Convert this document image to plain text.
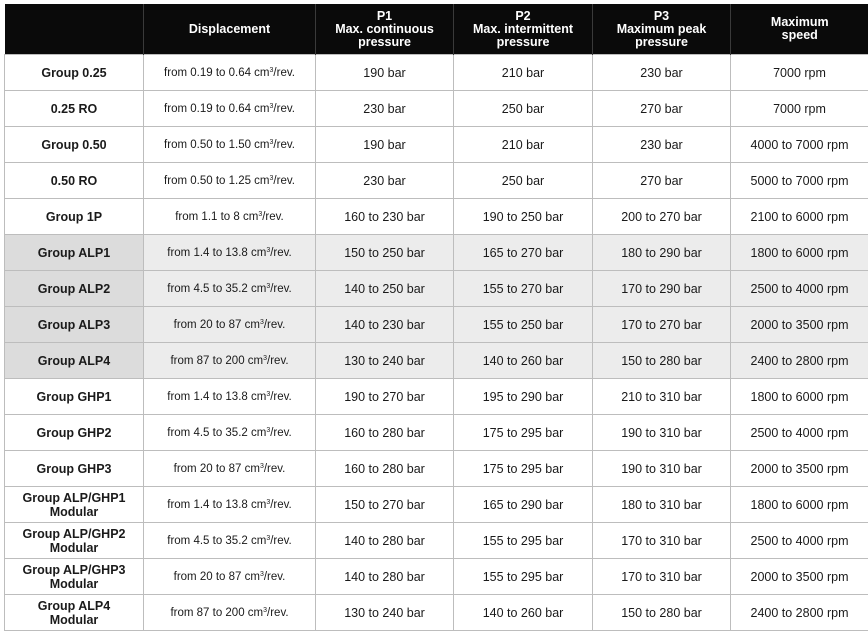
	Displacement	P1
Max. continuous
pressure	P2
Max. intermittent
pressure	P3
Maximum peak
pressure	Maximum
speed
Group 0.25	from 0.19 to 0.64 $cm^3$/rev.	190 bar	210 bar	230 bar	7000 rpm
0.25 RO	from 0.19 to 0.64 $cm^3$/rev.	230 bar	250 bar	270 bar	7000 rpm
Group 0.50	from 0.50 to 1.50 $cm^3$/rev.	190 bar	210 bar	230 bar	4000 to 7000 rpm
0.50 RO	from 0.50 to 1.25 $cm^3$/rev.	230 bar	250 bar	270 bar	5000 to 7000 rpm
Group 1P	from 1.1 to 8 $cm^3$/rev.	160 to 230 bar	190 to 250 bar	200 to 270 bar	2100 to 6000 rpm
Group ALP1	from 1.4 to 13.8 $cm^3$/rev.	150 to 250 bar	165 to 270 bar	180 to 290 bar	1800 to 6000 rpm
Group ALP2	from 4.5 to 35.2 $cm^3$/rev.	140 to 250 bar	155 to 270 bar	170 to 290 bar	2500 to 4000 rpm
Group ALP3	from 20 to 87 $cm^3$/rev.	140 to 230 bar	155 to 250 bar	170 to 270 bar	2000 to 3500 rpm
Group ALP4	from 87 to 200 $cm^3$/rev.	130 to 240 bar	140 to 260 bar	150 to 280 bar	2400 to 2800 rpm
Group GHP1	from 1.4 to 13.8 $cm^3$/rev.	190 to 270 bar	195 to 290 bar	210 to 310 bar	1800 to 6000 rpm
Group GHP2	from 4.5 to 35.2 $cm^3$/rev.	160 to 280 bar	175 to 295 bar	190 to 310 bar	2500 to 4000 rpm
Group GHP3	from 20 to 87 $cm^3$/rev.	160 to 280 bar	175 to 295 bar	190 to 310 bar	2000 to 3500 rpm
Group ALP/GHP1
Modular	from 1.4 to 13.8 $cm^3$/rev.	150 to 270 bar	165 to 290 bar	180 to 310 bar	1800 to 6000 rpm
Group ALP/GHP2
Modular	from 4.5 to 35.2 $cm^3$/rev.	140 to 280 bar	155 to 295 bar	170 to 310 bar	2500 to 4000 rpm
Group ALP/GHP3
Modular	from 20 to 87 $cm^3$/rev.	140 to 280 bar	155 to 295 bar	170 to 310 bar	2000 to 3500 rpm
Group ALP4
Modular	from 87 to 200 $cm^3$/rev.	130 to 240 bar	140 to 260 bar	150 to 280 bar	2400 to 2800 rpm
